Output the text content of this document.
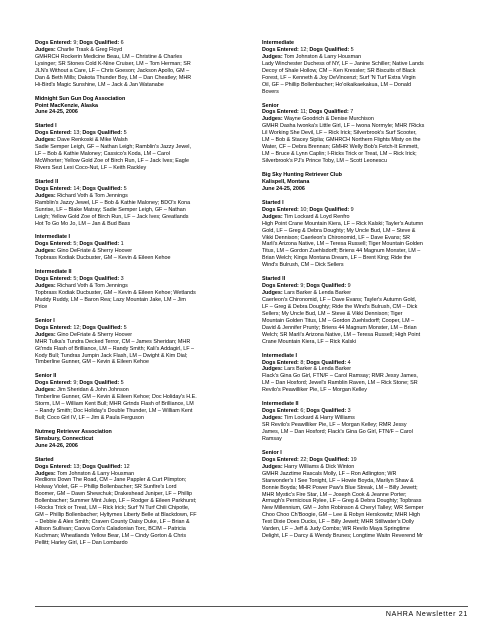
Dogs Entered: 9; Dogs Qualified: 6
Judges: Charlie Trask & Greg Floyd
GMHRCH Rockerin Medicine Beau, LM – Christine & Charles
Lysinger; SR Stones Cold K-Nine Cruiser, LM – Tom Herman; SR
JLN's Without a Care, LF – Chris Goeson; Jackson Apollo, GM –
Dan & Beth Mills; Dakota Thunder Boy, LM – Dan Cheatley; MHR
Hi-Bird's Magic Sunshine, LM – Jack & Jan Watanabe
Midnight Sun Gun Dog Association
Point MacKenzie, Alaska
June 24-25, 2006
Started I
Dogs Entered: 13; Dogs Qualified: 5
Judges: Dave Renkoski & Mike Walsh
Sadie Semper Leigh, GF – Nathan Leigh; Ramblin's Jazzy Jewel,
LF – Bob & Kathie Maloney; Cassico's Koda, LM – Carol
McWhorter; Yellow Gold Zoe of Birch Run, LF – Jack Ives; Eagle
Rivers Sezi Lexi Coco-Nut, LF – Keith Rackley
Started II
Dogs Entered: 14; Dogs Qualified: 5
Judges: Richard Voth & Tom Jennings
Ramblin's Jazzy Jewel, LF – Bob & Kathie Maloney; BDO's Kona
Sunrise, LF – Blake Matray; Sadie Semper Leigh, GF – Nathan
Leigh; Yellow Gold Zoe of Birch Run, LF – Jack Ives; Greatlands
Hot To Go Mo Jo, LM – Jan & Bud Bass
Intermediate I
Dogs Entered: 5; Dogs Qualified: 1
Judges: Gino DeFriate & Sherry Hoover
Topbrass Kodiak Ducbuster, GM – Kevin & Eileen Kehoe
Intermediate II
Dogs Entered: 5; Dogs Qualified: 3
Judges: Richard Voth & Tom Jennings
Topbrass Kodiak Ducbuster, GM – Kevin & Eileen Kehoe; Wetlands
Muddy Ruddy, LM – Baron Rea; Lazy Mountain Jake, LM – Jim
Price
Senior I
Dogs Entered: 12; Dogs Qualified: 5
Judges: Gino DeFriate & Sherry Hoover
MHR Tulka's Tundra Decked Terror, CM – James Sheridan; MHR
Gt'rnds Flash of Brilliance, LM – Randy Smith; Kali's Addagirl, LF –
Kody Bull; Tundras Jumpin Jack Flash, LM – Dwight & Kim Dial;
Timberline Gunner, GM – Kevin & Eileen Kehoe
Senior II
Dogs Entered: 9; Dogs Qualified: 5
Judges: Jim Sheridan & John Johnson
Timberline Gunner, GM – Kevin & Eileen Kehoe; Doc Holiday's H.E.
Storm, LM – William Kent Bull; MHR Grtnds Flash of Brilliance, LM
– Randy Smith; Doc Holiday's Double Thunder, LM – William Kent
Bull; Coco Girl IV, LF – Jim & Paula Ferguson
Nutmeg Retriever Association
Simsbury, Connecticut
June 24-26, 2006
Started
Dogs Entered: 13; Dogs Qualified: 12
Judges: Tom Johnston & Larry Housman
Redlions Down The Road, CM – Jane Pappler & Curt Plimpton;
Holway Violet, GF – Phillip Bollenbacher; SR Sunfire's Lord
Boomer, GM – Dawn Shewchuk; Drakeshead Juniper, LF – Phillip
Bollenbacher; Summer Mint Julep, LF – Rodger & Eileen Parkhurst;
I-Rocks Trick or Treat, LM – Rick Irick; Surf 'N Turf Chili Chipotle,
GM – Phillip Bollenbacher; Hyltymes Liberty Belle at Blackdown, FF
– Debbie & Alex Smith; Craven County Daisy Duke, LF – Brian &
Allison Sullivan; Caova Con's Caladonian Torc, BC/M – Patricia
Kuchman; Wheatlands Yellow Bear, LM – Cindy Gorton & Chris
Pellitt; Harley Girl, LF – Dan Lombardo
Intermediate
Dogs Entered: 12; Dogs Qualified: 5
Judges: Tom Johnston & Larry Housman
Lady Winchester Duchess of NY, LF – Janine Schiller; Native Lands
Decoy of Shale Hollow, CM – Ken Kressler; SR Biscuits of Black
Forest, LF – Kenneth & Joy DeVincenzi; Surf 'N Turf Extra Virgin
Oil, GF – Phillip Bollenbacher; Ho'oikaikaekakua, LM – Donald
Bovers
Senior
Dogs Entered: 11; Dogs Qualified: 7
Judges: Wayne Goodrich & Denise Murchison
GMHR Dasha Iwonka's Little Girl, LF – Iwona Normyle; MHR I'Ricks
Lil Working She Devil, LF – Rick Irick; Silverbrook's Surf Scooter,
LM – Bob & Stacey Siplia; GMHRCH Northern Flights Misty on the
Water, CF – Debra Brennan; GMHR Welly Bob's Fetch-It Emmett,
LM – Bruce & Lynn Caplin; I-Ricks Trick or Treat, LM – Rick Irick;
Silverbrook's PJ's Prince Toby, LM – Scott Leonescu
Big Sky Hunting Retriever Club
Kalispell, Montana
June 24-25, 2006
Started I
Dogs Entered: 10; Dogs Qualified: 9
Judges: Tim Lockard & Loyd Renfro
High Point Crane Mountain Kiera, LF – Rick Kalski; Tayler's Autumn
Gold, LF – Greg & Debra Doughty; My Uncle Bud, LM – Steve &
Vikki Dennison; Caerleon's Chironomid, LF – Dave Evans; SR
Marli's Arizona Native, LM – Teresa Russell; Tiger Mountain Golden
Titus, LM – Gordon Zuehlsdorff; Briens 44 Magnum Monster, LM –
Brian Welch; Kings Montana Dream, LF – Brent King; Ride the
Wind's Bulrush, CM – Dick Sellers
Started II
Dogs Entered: 9; Dogs Qualified: 9
Judges: Lars Barker & Lenda Barker
Caerleon's Chironomid, LF – Dave Evans; Tayler's Autumn Gold,
LF – Greg & Debra Doughty; Ride the Wind's Bulrush, CM – Dick
Sellers; My Uncle Bud, LM – Steve & Vikki Dennison; Tiger
Mountain Golden Titus, LM – Gordon Zuehlsdorff; Cooper, LM –
David & Jennifer Prunty; Briens 44 Magnum Monster, LM – Brian
Welch; SR Marli's Arizona Native, LM – Teresa Russell; High Point
Crane Mountain Kiera, LF – Rick Kalski
Intermediate I
Dogs Entered: 8; Dogs Qualified: 4
Judges: Lars Barker & Lenda Barker
Flack's Gina Go Girl, FTN/F – Carol Ramsay; RMR Jessy James,
LM – Dan Hosford; Jewel's Ramblin Raven, LM – Rick Stone; SR
Revilo's Peawilliker Pie, LF – Morgan Kelley
Intermediate II
Dogs Entered: 6; Dogs Qualified: 3
Judges: Tim Lockard & Harry Williams
SR Revilo's Peawilliker Pie, LF – Morgan Kelley; RMR Jessy
James, LM – Dan Hosford; Flack's Gina Go Girl, FTN/F – Carol
Ramsay
Senior I
Dogs Entered: 22; Dogs Qualified: 19
Judges: Harry Williams & Dick Winton
GMHR Jazztime Rascals Molly, LF – Ron Adlington; WR
Starwonder's I See Tonight, LF – Howie Boyda, Marilyn Shaw &
Bonnie Boyda; MHR Power Paw's Blue Streak, LM – Billy Jewett;
MHR Mystic's Fire Star, LM – Joseph Cook & Jeanne Porter;
Armagh's Pernicious Rylee, LF – Greg & Debra Doughty; Topbrass
New Millennium, GM – John Robinson & Cheryl Talley; WR Semper
Choo Choo Ch'Boogie, GM – Lee & Robyn Herskowitz; MHR High
Test Dixie Does Ducks, LF – Billy Jewett; MHR Stillwater's Dolly
Varden, LF – Jeff & Judy Combs; WR Revilo Maya Springtime
Delight, LF – Darcy & Wendy Brunes; Longtime Waitn Reverend Mr
NAHRA Newsletter 21
